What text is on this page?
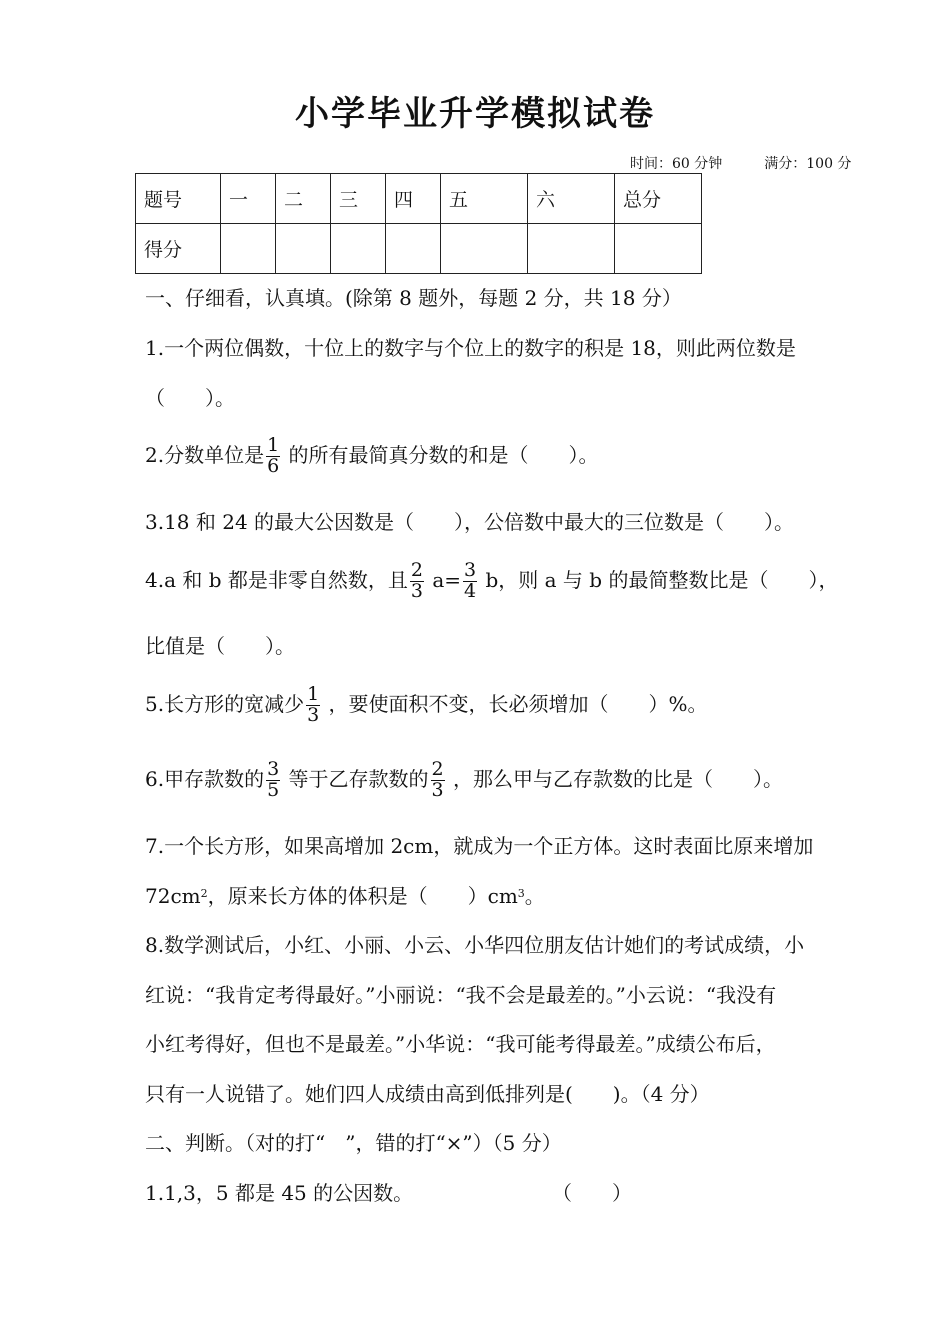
小学毕业升学模拟试卷
时间：60 分钟　　　	满分：100 分
题号	一	二	三	四	五	六	总分
得分							
一、仔细看，认真填。(除第 8 题外，每题 2 分，共 18 分）
1.一个两位偶数，十位上的数字与个位上的数字的积是 18，则此两位数是
（　　）。
2.分数单位是 $\frac{1}{6}$ 的所有最简真分数的和是（　　）。
3.18 和 24 的最大公因数是（　　），公倍数中最大的三位数是（　　）。
4.a 和 b 都是非零自然数，且 $\frac{2}{3} a= \frac{3}{4}$ b，则 a 与 b 的最简整数比是（　　），
比值是（　　）。
5.长方形的宽减少 $\frac{1}{3}$ ，要使面积不变，长必须增加（　　）%。
6.甲存款数的 $\frac{3}{5}$ 等于乙存款数的 $\frac{2}{3}$ ，那么甲与乙存款数的比是（　　）。
7.一个长方形，如果高增加 2cm，就成为一个正方体。这时表面比原来增加
$72cm^2$，原来长方体的体积是（　　）$cm^3$。
8.数学测试后，小红、小丽、小云、小华四位朋友估计她们的考试成绩，小
红说：“我肯定考得最好。”小丽说：“我不会是最差的。”小云说：“我没有
小红考得好，但也不是最差。”小华说：“我可能考得最差。”成绩公布后，
只有一人说错了。她们四人成绩由高到低排列是(　　)。（4 分）
二、判断。（对的打“　”，错的打“×”）（5 分）
1.1,3，5 都是 45 的公因数。	（　　）
